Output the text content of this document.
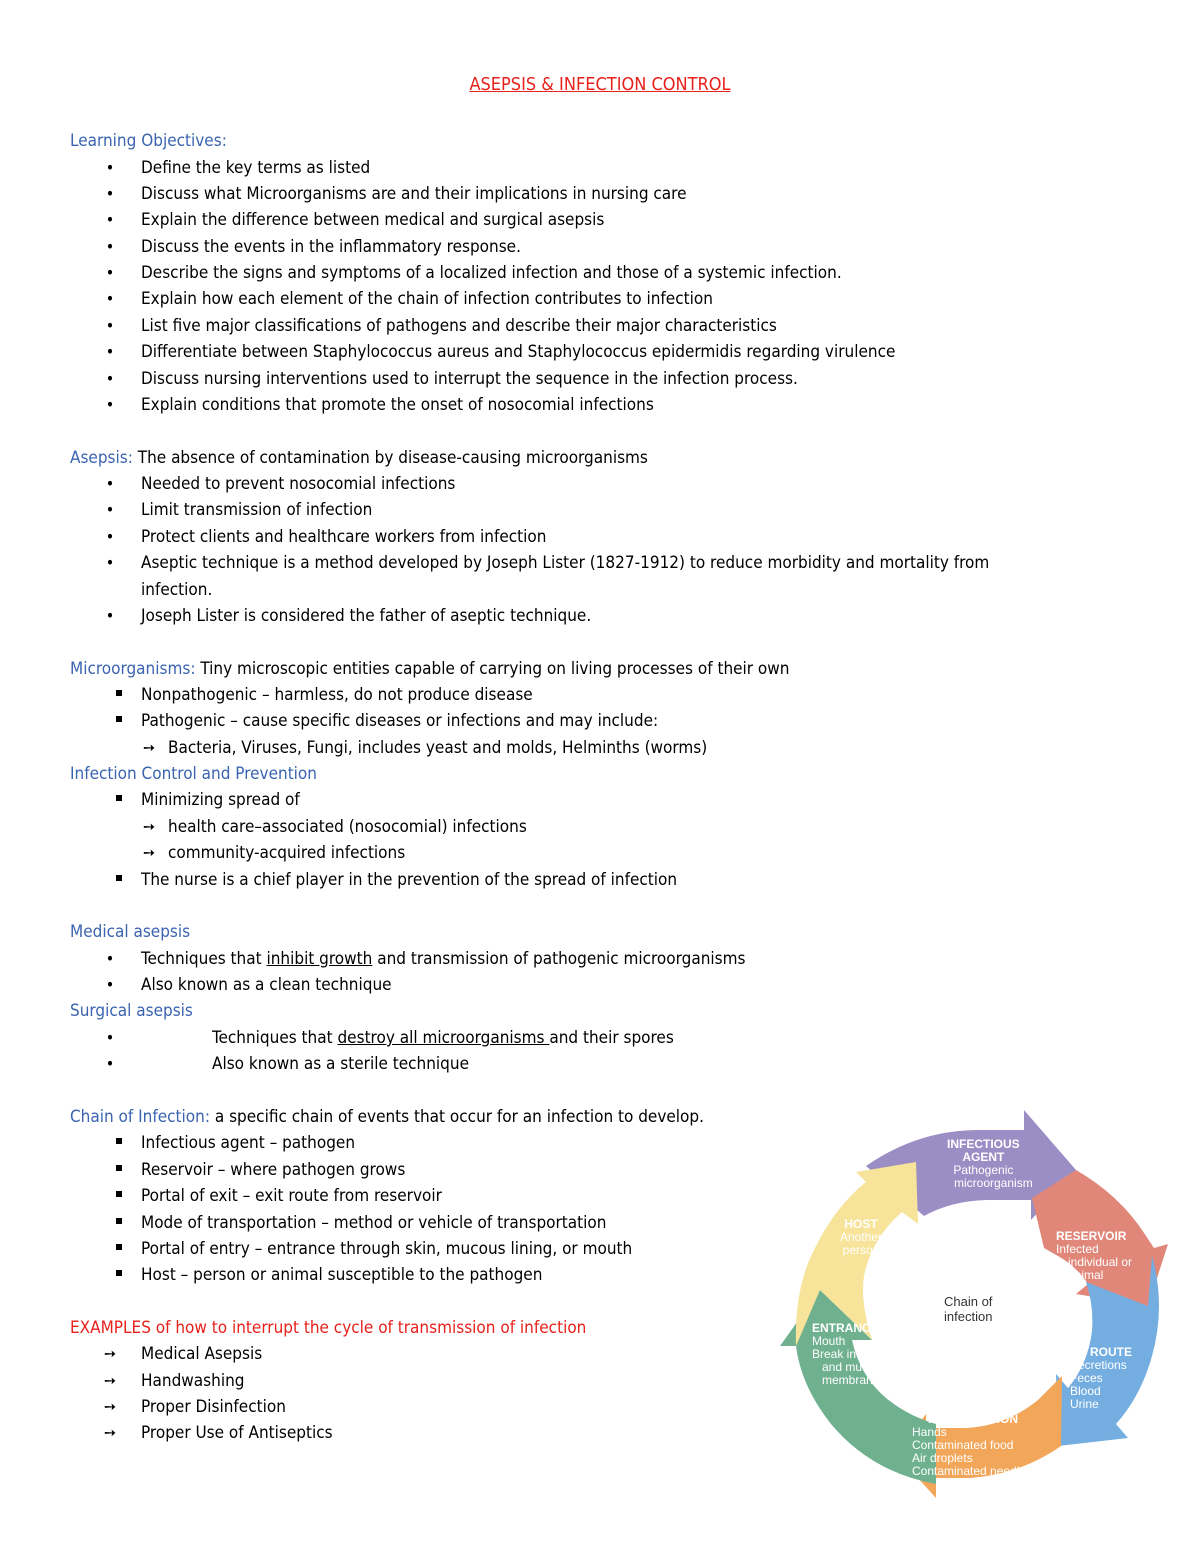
ASEPSIS & INFECTION CONTROL
Learning Objectives:
• Define the key terms as listed
• Discuss what Microorganisms are and their implications in nursing care
• Explain the difference between medical and surgical asepsis
• Discuss the events in the inflammatory response.
• Describe the signs and symptoms of a localized infection and those of a systemic infection.
• Explain how each element of the chain of infection contributes to infection
• List five major classifications of pathogens and describe their major characteristics
• Differentiate between Staphylococcus aureus and Staphylococcus epidermidis regarding virulence
• Discuss nursing interventions used to interrupt the sequence in the infection process.
• Explain conditions that promote the onset of nosocomial infections
Asepsis: The absence of contamination by disease-causing microorganisms
• Needed to prevent nosocomial infections
• Limit transmission of infection
• Protect clients and healthcare workers from infection
• Aseptic technique is a method developed by Joseph Lister (1827-1912) to reduce morbidity and mortality from
infection.
• Joseph Lister is considered the father of aseptic technique.
Microorganisms: Tiny microscopic entities capable of carrying on living processes of their own
Nonpathogenic – harmless, do not produce disease
Pathogenic – cause specific diseases or infections and may include:
➙ Bacteria, Viruses, Fungi, includes yeast and molds, Helminths (worms)
Infection Control and Prevention
Minimizing spread of
➙ health care–associated (nosocomial) infections
➙ community-acquired infections
The nurse is a chief player in the prevention of the spread of infection
Medical asepsis
• Techniques that inhibit growth and transmission of pathogenic microorganisms
• Also known as a clean technique
Surgical asepsis
•	Techniques that destroy all microorganisms and their spores
•	Also known as a sterile technique
Chain of Infection: a specific chain of events that occur for an infection to develop.
Infectious agent – pathogen
Reservoir – where pathogen grows
Portal of exit – exit route from reservoir
Mode of transportation – method or vehicle of transportation
Portal of entry – entrance through skin, mucous lining, or mouth
Host – person or animal susceptible to the pathogen
EXAMPLES of how to interrupt the cycle of transmission of infection
➙ Medical Asepsis
➙ Handwashing
➙ Proper Disinfection
➙ Proper Use of Antiseptics
INFECTIOUS
AGENT
Pathogenic
microorganism
RESERVOIR
Infected
individual or
animal
EXIT ROUTE
Secretions
Feces
Blood
Urine
METHOD OF
TRANSMISSION
Hands
Contaminated food
Air droplets
Contaminated needle
ENTRANCE
Mouth
Break in skin
and mucous
membrane
HOST
Another
person
Chain of
infection
